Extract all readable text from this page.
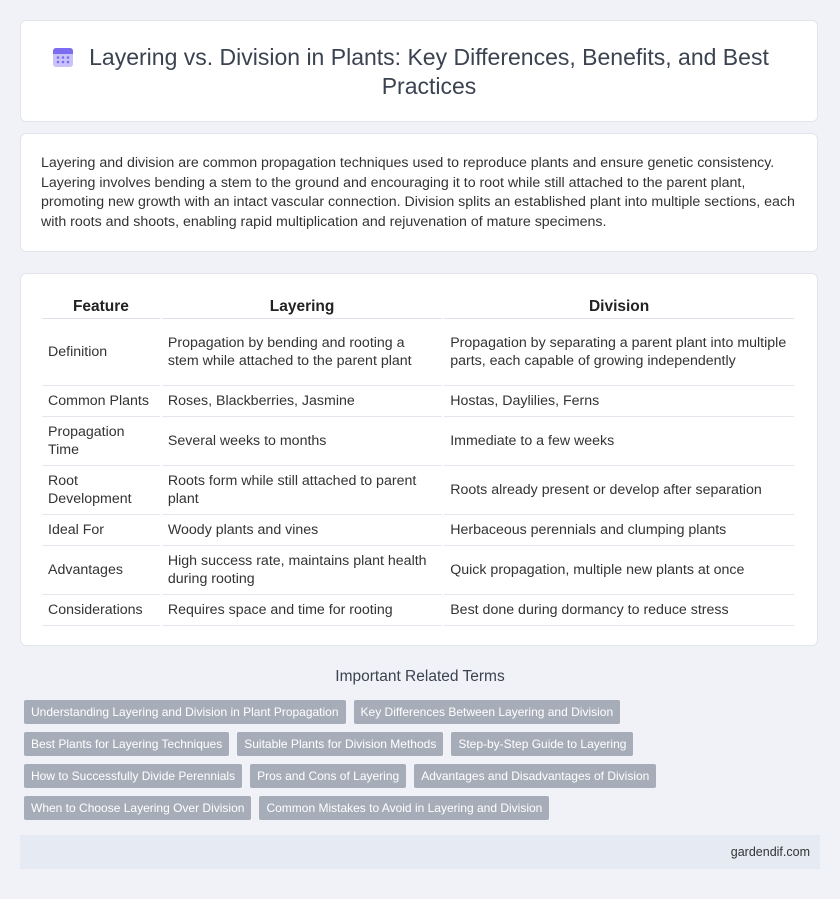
Layering vs. Division in Plants: Key Differences, Benefits, and Best Practices

Layering and division are common propagation techniques used to reproduce plants and ensure genetic consistency. Layering involves bending a stem to the ground and encouraging it to root while still attached to the parent plant, promoting new growth with an intact vascular connection. Division splits an established plant into multiple sections, each with roots and shoots, enabling rapid multiplication and rejuvenation of mature specimens.

Feature	Layering	Division
Definition	Propagation by bending and rooting a stem while attached to the parent plant	Propagation by separating a parent plant into multiple parts, each capable of growing independently
Common Plants	Roses, Blackberries, Jasmine	Hostas, Daylilies, Ferns
Propagation Time	Several weeks to months	Immediate to a few weeks
Root Development	Roots form while still attached to parent plant	Roots already present or develop after separation
Ideal For	Woody plants and vines	Herbaceous perennials and clumping plants
Advantages	High success rate, maintains plant health during rooting	Quick propagation, multiple new plants at once
Considerations	Requires space and time for rooting	Best done during dormancy to reduce stress
Important Related Terms
Understanding Layering and Division in Plant Propagation	Key Differences Between Layering and Division
Best Plants for Layering Techniques	Suitable Plants for Division Methods	Step-by-Step Guide to Layering
How to Successfully Divide Perennials	Pros and Cons of Layering	Advantages and Disadvantages of Division
When to Choose Layering Over Division	Common Mistakes to Avoid in Layering and Division
gardendif.com
